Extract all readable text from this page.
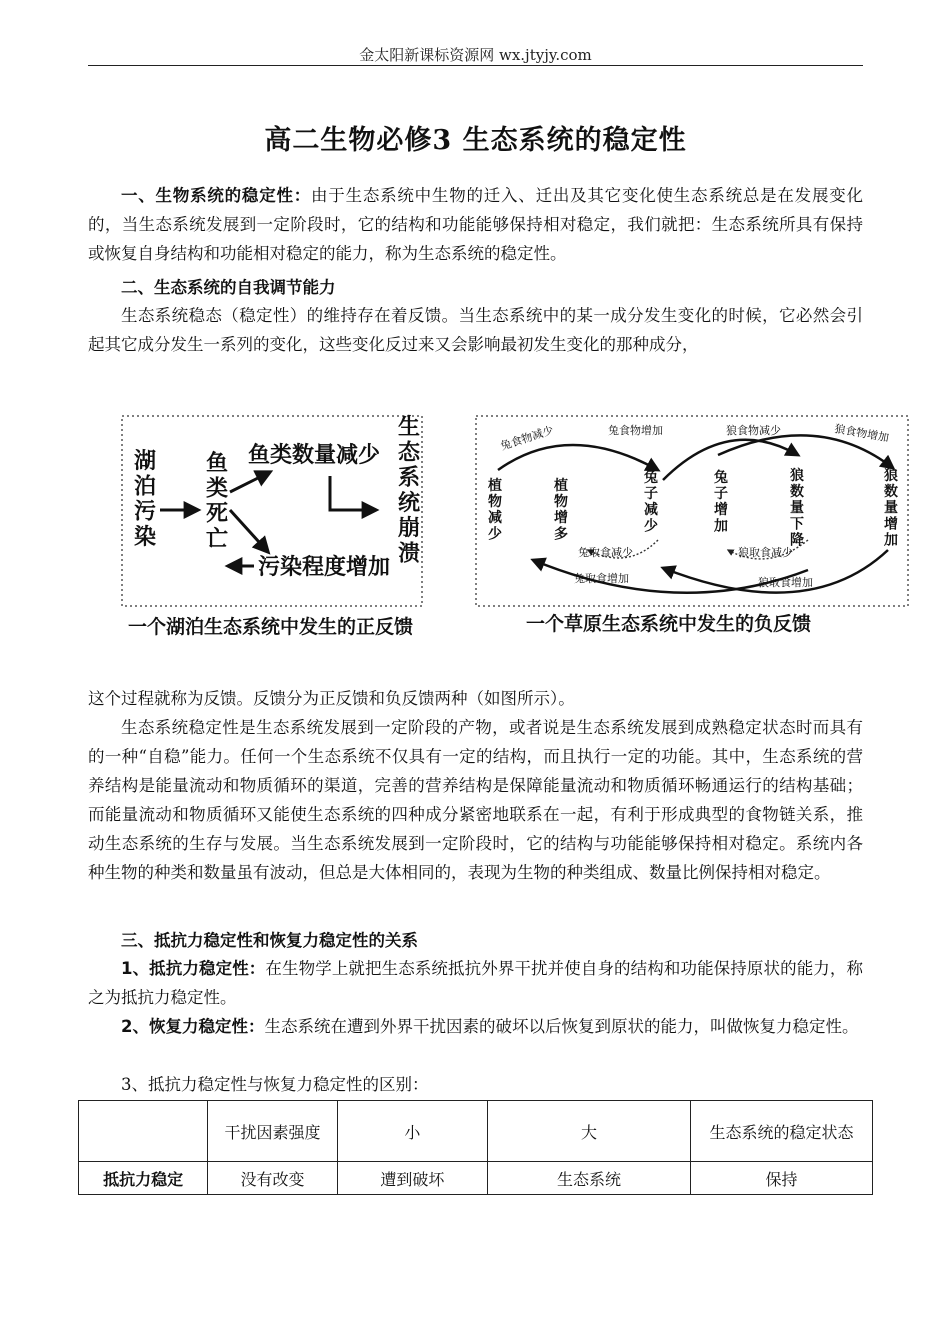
金太阳新课标资源网 wx.jtyjy.com
高二生物必修3 生态系统的稳定性

一、生物系统的稳定性：由于生态系统中生物的迁入、迁出及其它变化使生态系统总是在发展变化的，当生态系统发展到一定阶段时，它的结构和功能能够保持相对稳定，我们就把：生态系统所具有保持或恢复自身结构和功能相对稳定的能力，称为生态系统的稳定性。

二、生态系统的自我调节能力

生态系统稳态（稳定性）的维持存在着反馈。当生态系统中的某一成分发生变化的时候，它必然会引起其它成分发生一系列的变化，这些变化反过来又会影响最初发生变化的那种成分，

湖泊污染
鱼类死亡
鱼类数量减少
污染程度增加
生态系统崩溃
一个湖泊生态系统中发生的正反馈
植物减少
植物增多
兔子减少
兔子增加
狼数量下降
狼数量增加
兔食物减少	兔食物增加	狼食物减少	狼食物增加
兔取食减少
兔取食增加
狼取食减少
狼取食增加
一个草原生态系统中发生的负反馈

这个过程就称为反馈。反馈分为正反馈和负反馈两种（如图所示）。

生态系统稳定性是生态系统发展到一定阶段的产物，或者说是生态系统发展到成熟稳定状态时而具有的一种“自稳”能力。任何一个生态系统不仅具有一定的结构，而且执行一定的功能。其中，生态系统的营养结构是能量流动和物质循环的渠道，完善的营养结构是保障能量流动和物质循环畅通运行的结构基础；而能量流动和物质循环又能使生态系统的四种成分紧密地联系在一起，有利于形成典型的食物链关系，推动生态系统的生存与发展。当生态系统发展到一定阶段时，它的结构与功能能够保持相对稳定。系统内各种生物的种类和数量虽有波动，但总是大体相同的，表现为生物的种类组成、数量比例保持相对稳定。

三、抵抗力稳定性和恢复力稳定性的关系

1、抵抗力稳定性：在生物学上就把生态系统抵抗外界干扰并使自身的结构和功能保持原状的能力，称之为抵抗力稳定性。

2、恢复力稳定性：生态系统在遭到外界干扰因素的破坏以后恢复到原状的能力，叫做恢复力稳定性。

3、抵抗力稳定性与恢复力稳定性的区别：

	干扰因素强度	小	大	生态系统的稳定状态
抵抗力稳定	没有改变	遭到破坏	生态系统	保持
